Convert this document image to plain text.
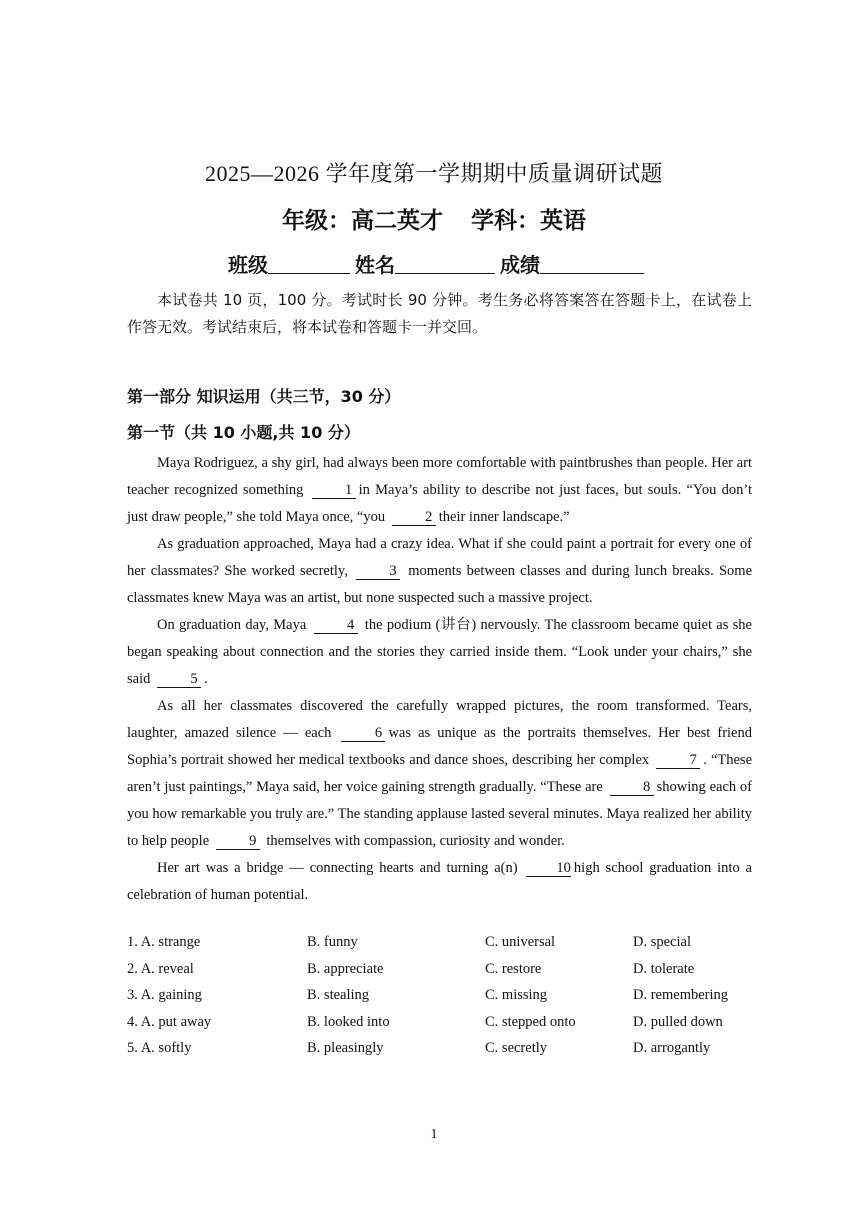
2025—2026 学年度第一学期期中质量调研试题
年级：高二英才 学科：英语
班级	姓名	成绩
本试卷共 10 页，100 分。考试时长 90 分钟。考生务必将答案答在答题卡上，在试卷上作答无效。考试结束后，将本试卷和答题卡一并交回。
第一部分 知识运用（共三节，30 分）
第一节（共 10 小题,共 10 分）

Maya Rodriguez, a shy girl, had always been more comfortable with paintbrushes than people. Her art teacher recognized something	1 in Maya’s ability to describe not just faces, but souls. “You don’t just draw people,” she told Maya once, “you	2 their inner landscape.”

As graduation approached, Maya had a crazy idea. What if she could paint a portrait for every one of her classmates? She worked secretly,	3 moments between classes and during lunch breaks. Some classmates knew Maya was an artist, but none suspected such a massive project.

On graduation day, Maya	4 the podium (讲台) nervously. The classroom became quiet as she began speaking about connection and the stories they carried inside them. “Look under your chairs,” she said	5 .

As all her classmates discovered the carefully wrapped pictures, the room transformed. Tears, laughter, amazed silence — each	6 was as unique as the portraits themselves. Her best friend Sophia’s portrait showed her medical textbooks and dance shoes, describing her complex	7 . “These aren’t just paintings,” Maya said, her voice gaining strength gradually. “These are	8 showing each of you how remarkable you truly are.” The standing applause lasted several minutes. Maya realized her ability to help people	9 themselves with compassion, curiosity and wonder.

Her art was a bridge — connecting hearts and turning a(n)	10 high school graduation into a celebration of human potential.

1. A. strange	B. funny	C. universal	D. special
2. A. reveal	B. appreciate	C. restore	D. tolerate
3. A. gaining	B. stealing	C. missing	D. remembering
4. A. put away	B. looked into	C. stepped onto	D. pulled down
5. A. softly	B. pleasingly	C. secretly	D. arrogantly
1
